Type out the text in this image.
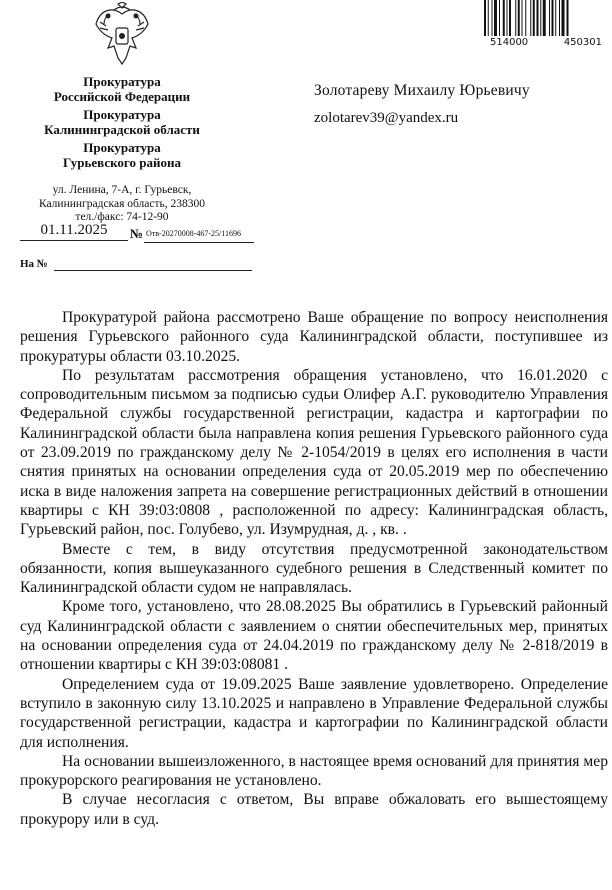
Прокуратура
Российской Федерации
Прокуратура
Калининградской области
Прокуратура
Гурьевского района
ул. Ленина, 7-А, г. Гурьевск,
Калининградская область, 238300
тел./факс: 74-12-90
01.11.2025	№ Отв-20270008-467-25/11696
На №
514000	450301
Золотареву Михаилу Юрьевичу
zolotarev39@yandex.ru

Прокуратурой района рассмотрено Ваше обращение по вопросу неисполнения решения Гурьевского районного суда Калининградской области, поступившее из прокуратуры области 03.10.2025.

По результатам рассмотрения обращения установлено, что 16.01.2020 с сопроводительным письмом за подписью судьи Олифер А.Г. руководителю Управления Федеральной службы государственной регистрации, кадастра и картографии по Калининградской области была направлена копия решения Гурьевского районного суда от 23.09.2019 по гражданскому делу № 2-1054/2019 в целях его исполнения в части снятия принятых на основании определения суда от 20.05.2019 мер по обеспечению иска в виде наложения запрета на совершение регистрационных действий в отношении квартиры с КН 39:03:0808 , расположенной по адресу: Калининградская область, Гурьевский район, пос. Голубево, ул. Изумрудная, д. , кв. .

Вместе с тем, в виду отсутствия предусмотренной законодательством обязанности, копия вышеуказанного судебного решения в Следственный комитет по Калининградской области судом не направлялась.

Кроме того, установлено, что 28.08.2025 Вы обратились в Гурьевский районный суд Калининградской области с заявлением о снятии обеспечительных мер, принятых на основании определения суда от 24.04.2019 по гражданскому делу № 2-818/2019 в отношении квартиры с КН 39:03:08081 .

Определением суда от 19.09.2025 Ваше заявление удовлетворено. Определение вступило в законную силу 13.10.2025 и направлено в Управление Федеральной службы государственной регистрации, кадастра и картографии по Калининградской области для исполнения.

На основании вышеизложенного, в настоящее время оснований для принятия мер прокурорского реагирования не установлено.

В случае несогласия с ответом, Вы вправе обжаловать его вышестоящему прокурору или в суд.
